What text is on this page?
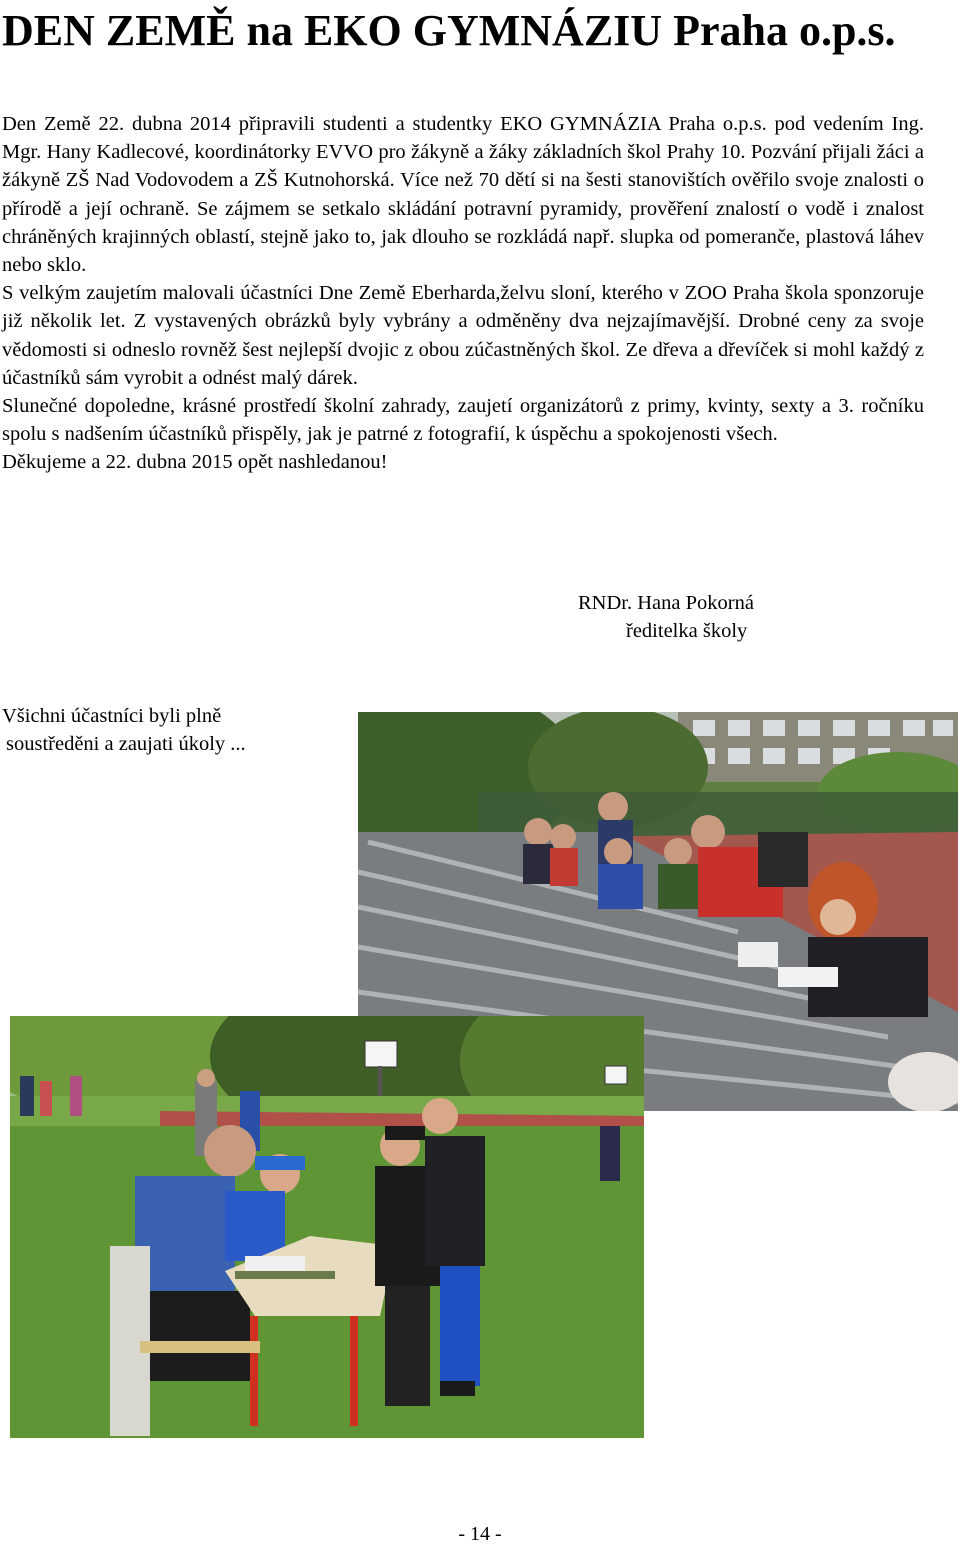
DEN ZEMĚ na EKO GYMNÁZIU Praha o.p.s.

Den Země 22. dubna 2014 připravili studenti a studentky EKO GYMNÁZIA Praha o.p.s. pod vedením Ing. Mgr. Hany Kadlecové, koordinátorky EVVO pro žákyně a žáky základních škol Prahy 10. Pozvání přijali žáci a žákyně ZŠ Nad Vodovodem a ZŠ Kutnohorská. Více než 70 dětí si na šesti stanovištích ověřilo svoje znalosti o přírodě a její ochraně. Se zájmem se setkalo skládání potravní pyramidy, prověření znalostí o vodě i znalost chráněných krajinných oblastí, stejně jako to, jak dlouho se rozkládá např. slupka od pomeranče, plastová láhev nebo sklo.

S velkým zaujetím malovali účastníci Dne Země Eberharda,želvu sloní, kterého v ZOO Praha škola sponzoruje již několik let. Z vystavených obrázků byly vybrány a odměněny dva nejzajímavější. Drobné ceny za svoje vědomosti si odneslo rovněž šest nejlepší dvojic z obou zúčastněných škol. Ze dřeva a dřevíček si mohl každý z účastníků sám vyrobit a odnést malý dárek.

Slunečné dopoledne, krásné prostředí školní zahrady, zaujetí organizátorů z primy, kvinty, sexty a 3. ročníku spolu s nadšením účastníků přispěly, jak je patrné z fotografií, k úspěchu a spokojenosti všech.

Děkujeme a 22. dubna 2015 opět nashledanou!

RNDr. Hana Pokorná
ředitelka školy
Všichni účastníci byli plně
soustředěni a zaujati úkoly ...
- 14 -
